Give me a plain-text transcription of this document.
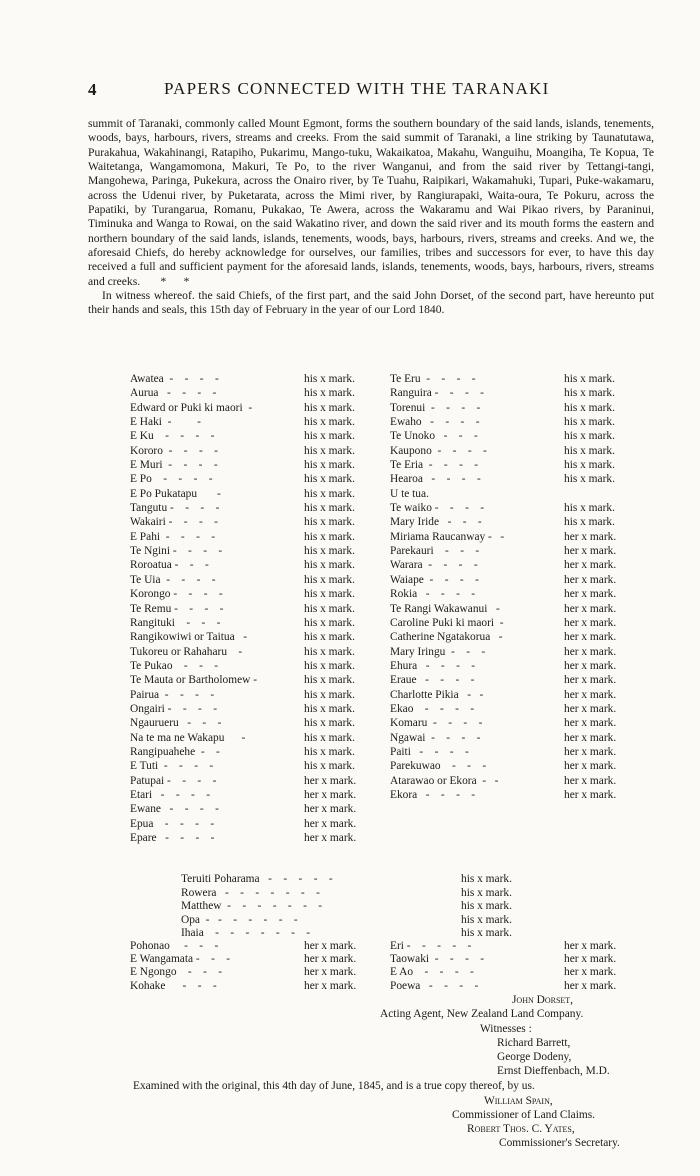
4	PAPERS CONNECTED WITH THE TARANAKI

summit of Taranaki, commonly called Mount Egmont, forms the southern boundary of the said lands, islands, tenements, woods, bays, harbours, rivers, streams and creeks. From the said summit of Taranaki, a line striking by Taunatutawa, Purakahua, Wakahinangi, Ratapiho, Pukarimu, Mango-tuku, Wakaikatoa, Makahu, Wanguihu, Moangiha, Te Kopua, Te Waitetanga, Wangamomona, Makuri, Te Po, to the river Wanganui, and from the said river by Tettangi-tangi, Mangohewa, Paringa, Pukekura, across the Onairo river, by Te Tuahu, Raipikari, Wakamahuki, Tupari, Puke-wakamaru, across the Udenui river, by Puketarata, across the Mimi river, by Rangiurapaki, Waita-oura, Te Pokuru, across the Papatiki, by Turangarua, Romanu, Pukakao, Te Awera, across the Wakaramu and Wai Pikao rivers, by Paraninui, Timinuka and Wanga to Rowai, on the said Wakatino river, and down the said river and its mouth forms the eastern and northern boundary of the said lands, islands, tenements, woods, bays, harbours, rivers, streams and creeks. And we, the aforesaid Chiefs, do hereby acknowledge for ourselves, our families, tribes and successors for ever, to have this day received a full and sufficient payment for the aforesaid lands, islands, tenements, woods, bays, harbours, rivers, streams and creeks. *      *
In witness whereof. the said Chiefs, of the first part, and the said John Dorset, of the second part, have hereunto put their hands and seals, this 15th day of February in the year of our Lord 1840.

Awatea  -    -    -    -	his x mark.	Te Eru  -    -    -    -	his x mark.
Aurua   -    -    -    -	his x mark.	Ranguira -    -    -    -	his x mark.
Edward or Puki ki maori  -	his x mark.	Torenui  -    -    -    -	his x mark.
E Haki  -         -	his x mark.	Ewaho   -    -    -    -	his x mark.
E Ku    -    -    -    -	his x mark.	Te Unoko   -    -    -	his x mark.
Kororo  -    -    -    -	his x mark.	Kaupono  -    -    -    -	his x mark.
E Muri  -    -    -    -	his x mark.	Te Eria  -    -    -    -	his x mark.
E Po    -    -    -    -	his x mark.	Hearoa   -    -    -    -	his x mark.
E Po Pukatapu       -	his x mark.	U te tua.	
Tangutu -    -    -    -	his x mark.	Te waiko -    -    -    -	his x mark.
Wakairi -    -    -    -	his x mark.	Mary Iride   -    -    -	his x mark.
E Pahi  -    -    -    -	his x mark.	Miriama Raucanway -   -	her x mark.
Te Ngini -    -    -    -	his x mark.	Parekauri    -    -    -	her x mark.
Roroatua -    -    -	his x mark.	Warara  -    -    -    -	her x mark.
Te Uia  -    -    -    -	his x mark.	Waiape  -    -    -    -	her x mark.
Korongo -    -    -    -	his x mark.	Rokia   -    -    -    -	her x mark.
Te Remu -    -    -    -	his x mark.	Te Rangi Wakawanui   -	her x mark.
Rangituki    -    -    -	his x mark.	Caroline Puki ki maori  -	her x mark.
Rangikowiwi or Taitua   -	his x mark.	Catherine Ngatakorua   -	her x mark.
Tukoreu or Rahaharu    -	his x mark.	Mary Iringu  -    -    -	her x mark.
Te Pukao    -    -    -	his x mark.	Ehura   -    -    -    -	her x mark.
Te Mauta or Bartholomew -	his x mark.	Eraue   -    -    -    -	her x mark.
Pairua  -    -    -    -	his x mark.	Charlotte Pikia   -   -	her x mark.
Ongairi -    -    -    -	his x mark.	Ekao    -    -    -    -	her x mark.
Ngaurueru   -    -    -	his x mark.	Komaru  -    -    -    -	her x mark.
Na te ma ne Wakapu      -	his x mark.	Ngawai  -    -    -    -	her x mark.
Rangipuahehe  -    -	his x mark.	Paiti   -    -    -    -	her x mark.
E Tuti  -    -    -    -	his x mark.	Parekuwao    -    -    -	her x mark.
Patupai -    -    -    -	her x mark.	Atarawao or Ekora  -   -	her x mark.
Etari   -    -    -    -	her x mark.	Ekora   -    -    -    -	her x mark.
Ewane   -    -    -    -	her x mark.		
Epua    -    -    -    -	her x mark.		
Epare   -    -    -    -	her x mark.		
Teruiti Poharama   -    -    -    -    -	his x mark.
Rowera   -    -    -    -    -    -    -	his x mark.
Matthew  -    -    -    -    -    -    -	his x mark.
Opa  -   -    -    -    -    -    -	his x mark.
Ihaia    -    -    -    -    -    -    -	his x mark.
Pohonao     -    -    -	her x mark.	Eri -    -    -    -    -	her x mark.
E Wangamata -    -    -	her x mark.	Taowaki  -    -    -    -	her x mark.
E Ngongo    -    -    -	her x mark.	E Ao    -    -    -    -	her x mark.
Kohake      -    -    -	her x mark.	Poewa   -    -    -    -	her x mark.
John Dorset,
Acting Agent, New Zealand Land Company.
Witnesses :
Richard Barrett,
George Dodeny,
Ernst Dieffenbach, M.D.
Examined with the original, this 4th day of June, 1845, and is a true copy thereof, by us.
William Spain,
Commissioner of Land Claims.
Robert Thos. C. Yates,
Commissioner's Secretary.
